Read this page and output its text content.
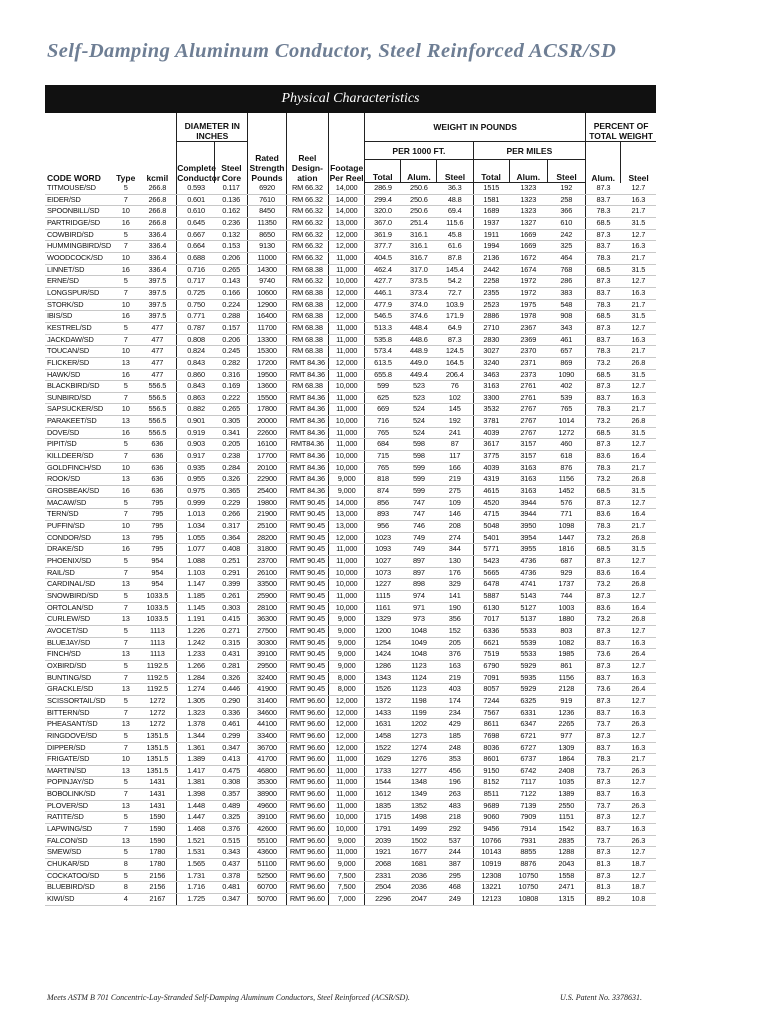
Self-Damping Aluminum Conductor, Steel Reinforced ACSR/SD
Physical Characteristics
CODE WORD	Type	kcmil	DIAMETER IN INCHES		Rated Strength Pounds	Reel Design- ation	Footage Per Reel	WEIGHT IN POUNDS						PERCENT OF TOTAL WEIGHT	
			Complete Conductor	Steel Core				PER 1000 FT.			PER MILES			Alum.	Steel
								Total	Alum.	Steel	Total	Alum.	Steel		
TITMOUSE/SD	5	266.8	0.593	0.117	6920	RM 66.32	14,000	286.9	250.6	36.3	1515	1323	192	87.3	12.7
EIDER/SD	7	266.8	0.601	0.136	7610	RM 66.32	14,000	299.4	250.6	48.8	1581	1323	258	83.7	16.3
SPOONBILL/SD	10	266.8	0.610	0.162	8450	RM 66.32	14,000	320.0	250.6	69.4	1689	1323	366	78.3	21.7
PARTRIDGE/SD	16	266.8	0.645	0.236	11350	RM 66.32	13,000	367.0	251.4	115.6	1937	1327	610	68.5	31.5
COWBIRD/SD	5	336.4	0.667	0.132	8650	RM 66.32	12,000	361.9	316.1	45.8	1911	1669	242	87.3	12.7
HUMMINGBIRD/SD	7	336.4	0.664	0.153	9130	RM 66.32	12,000	377.7	316.1	61.6	1994	1669	325	83.7	16.3
WOODCOCK/SD	10	336.4	0.688	0.206	11000	RM 66.32	11,000	404.5	316.7	87.8	2136	1672	464	78.3	21.7
LINNET/SD	16	336.4	0.716	0.265	14300	RM 68.38	11,000	462.4	317.0	145.4	2442	1674	768	68.5	31.5
ERNE/SD	5	397.5	0.717	0.143	9740	RM 66.32	10,000	427.7	373.5	54.2	2258	1972	286	87.3	12.7
LONGSPUR/SD	7	397.5	0.725	0.166	10600	RM 68.38	12,000	446.1	373.4	72.7	2355	1972	383	83.7	16.3
STORK/SD	10	397.5	0.750	0.224	12900	RM 68.38	12,000	477.9	374.0	103.9	2523	1975	548	78.3	21.7
IBIS/SD	16	397.5	0.771	0.288	16400	RM 68.38	12,000	546.5	374.6	171.9	2886	1978	908	68.5	31.5
KESTREL/SD	5	477	0.787	0.157	11700	RM 68.38	11,000	513.3	448.4	64.9	2710	2367	343	87.3	12.7
JACKDAW/SD	7	477	0.808	0.206	13300	RM 68.38	11,000	535.8	448.6	87.3	2830	2369	461	83.7	16.3
TOUCAN/SD	10	477	0.824	0.245	15300	RM 68.38	11,000	573.4	448.9	124.5	3027	2370	657	78.3	21.7
FLICKER/SD	13	477	0.843	0.282	17200	RMT 84.36	12,000	613.5	449.0	164.5	3240	2371	869	73.2	26.8
HAWK/SD	16	477	0.860	0.316	19500	RMT 84.36	11,000	655.8	449.4	206.4	3463	2373	1090	68.5	31.5
BLACKBIRD/SD	5	556.5	0.843	0.169	13600	RM 68.38	10,000	599	523	76	3163	2761	402	87.3	12.7
SUNBIRD/SD	7	556.5	0.863	0.222	15500	RMT 84.36	11,000	625	523	102	3300	2761	539	83.7	16.3
SAPSUCKER/SD	10	556.5	0.882	0.265	17800	RMT 84.36	11,000	669	524	145	3532	2767	765	78.3	21.7
PARAKEET/SD	13	556.5	0.901	0.305	20000	RMT 84.36	10,000	716	524	192	3781	2767	1014	73.2	26.8
DOVE/SD	16	556.5	0.919	0.341	22600	RMT 84.36	11,000	765	524	241	4039	2767	1272	68.5	31.5
PIPIT/SD	5	636	0.903	0.205	16100	RMT84.36	11,000	684	598	87	3617	3157	460	87.3	12.7
KILLDEER/SD	7	636	0.917	0.238	17700	RMT 84.36	10,000	715	598	117	3775	3157	618	83.6	16.4
GOLDFINCH/SD	10	636	0.935	0.284	20100	RMT 84.36	10,000	765	599	166	4039	3163	876	78.3	21.7
ROOK/SD	13	636	0.955	0.326	22900	RMT 84.36	9,000	818	599	219	4319	3163	1156	73.2	26.8
GROSBEAK/SD	16	636	0.975	0.365	25400	RMT 84.36	9,000	874	599	275	4615	3163	1452	68.5	31.5
MACAW/SD	5	795	0.999	0.229	19800	RMT 90.45	14,000	856	747	109	4520	3944	576	87.3	12.7
TERN/SD	7	795	1.013	0.266	21900	RMT 90.45	13,000	893	747	146	4715	3944	771	83.6	16.4
PUFFIN/SD	10	795	1.034	0.317	25100	RMT 90.45	13,000	956	746	208	5048	3950	1098	78.3	21.7
CONDOR/SD	13	795	1.055	0.364	28200	RMT 90.45	12,000	1023	749	274	5401	3954	1447	73.2	26.8
DRAKE/SD	16	795	1.077	0.408	31800	RMT 90.45	11,000	1093	749	344	5771	3955	1816	68.5	31.5
PHOENIX/SD	5	954	1.088	0.251	23700	RMT 90.45	11,000	1027	897	130	5423	4736	687	87.3	12.7
RAIL/SD	7	954	1.103	0.291	26100	RMT 90.45	10,000	1073	897	176	5665	4736	929	83.6	16.4
CARDINAL/SD	13	954	1.147	0.399	33500	RMT 90.45	10,000	1227	898	329	6478	4741	1737	73.2	26.8
SNOWBIRD/SD	5	1033.5	1.185	0.261	25900	RMT 90.45	11,000	1115	974	141	5887	5143	744	87.3	12.7
ORTOLAN/SD	7	1033.5	1.145	0.303	28100	RMT 90.45	10,000	1161	971	190	6130	5127	1003	83.6	16.4
CURLEW/SD	13	1033.5	1.191	0.415	36300	RMT 90.45	9,000	1329	973	356	7017	5137	1880	73.2	26.8
AVOCET/SD	5	1113	1.226	0.271	27500	RMT 90.45	9,000	1200	1048	152	6336	5533	803	87.3	12.7
BLUEJAY/SD	7	1113	1.242	0.315	30300	RMT 90.45	9,000	1254	1049	205	6621	5539	1082	83.7	16.3
FINCH/SD	13	1113	1.233	0.431	39100	RMT 90.45	9,000	1424	1048	376	7519	5533	1985	73.6	26.4
OXBIRD/SD	5	1192.5	1.266	0.281	29500	RMT 90.45	9,000	1286	1123	163	6790	5929	861	87.3	12.7
BUNTING/SD	7	1192.5	1.284	0.326	32400	RMT 90.45	8,000	1343	1124	219	7091	5935	1156	83.7	16.3
GRACKLE/SD	13	1192.5	1.274	0.446	41900	RMT 90.45	8,000	1526	1123	403	8057	5929	2128	73.6	26.4
SCISSORTAIL/SD	5	1272	1.305	0.290	31400	RMT 96.60	12,000	1372	1198	174	7244	6325	919	87.3	12.7
BITTERN/SD	7	1272	1.323	0.336	34600	RMT 96.60	12,000	1433	1199	234	7567	6331	1236	83.7	16.3
PHEASANT/SD	13	1272	1.378	0.461	44100	RMT 96.60	12,000	1631	1202	429	8611	6347	2265	73.7	26.3
RINGDOVE/SD	5	1351.5	1.344	0.299	33400	RMT 96.60	12,000	1458	1273	185	7698	6721	977	87.3	12.7
DIPPER/SD	7	1351.5	1.361	0.347	36700	RMT 96.60	12,000	1522	1274	248	8036	6727	1309	83.7	16.3
FRIGATE/SD	10	1351.5	1.389	0.413	41700	RMT 96.60	11,000	1629	1276	353	8601	6737	1864	78.3	21.7
MARTIN/SD	13	1351.5	1.417	0.475	46800	RMT 96.60	11,000	1733	1277	456	9150	6742	2408	73.7	26.3
POPINJAY/SD	5	1431	1.381	0.308	35300	RMT 96.60	11,000	1544	1348	196	8152	7117	1035	87.3	12.7
BOBOLINK/SD	7	1431	1.398	0.357	38900	RMT 96.60	11,000	1612	1349	263	8511	7122	1389	83.7	16.3
PLOVER/SD	13	1431	1.448	0.489	49600	RMT 96.60	11,000	1835	1352	483	9689	7139	2550	73.7	26.3
RATITE/SD	5	1590	1.447	0.325	39100	RMT 96.60	10,000	1715	1498	218	9060	7909	1151	87.3	12.7
LAPWING/SD	7	1590	1.468	0.376	42600	RMT 96.60	10,000	1791	1499	292	9456	7914	1542	83.7	16.3
FALCON/SD	13	1590	1.521	0.515	55100	RMT 96.60	9,000	2039	1502	537	10766	7931	2835	73.7	26.3
SMEW/SD	5	1780	1.531	0.343	43600	RMT 96.60	11,000	1921	1677	244	10143	8855	1288	87.3	12.7
CHUKAR/SD	8	1780	1.565	0.437	51100	RMT 96.60	9,000	2068	1681	387	10919	8876	2043	81.3	18.7
COCKATOO/SD	5	2156	1.731	0.378	52500	RMT 96.60	7,500	2331	2036	295	12308	10750	1558	87.3	12.7
BLUEBIRD/SD	8	2156	1.716	0.481	60700	RMT 96.60	7,500	2504	2036	468	13221	10750	2471	81.3	18.7
KIWI/SD	4	2167	1.725	0.347	50700	RMT 96.60	7,000	2296	2047	249	12123	10808	1315	89.2	10.8
Meets ASTM B 701 Concentric-Lay-Stranded Self-Damping Aluminum Conductors, Steel Reinforced (ACSR/SD).	U.S. Patent No. 3378631.
